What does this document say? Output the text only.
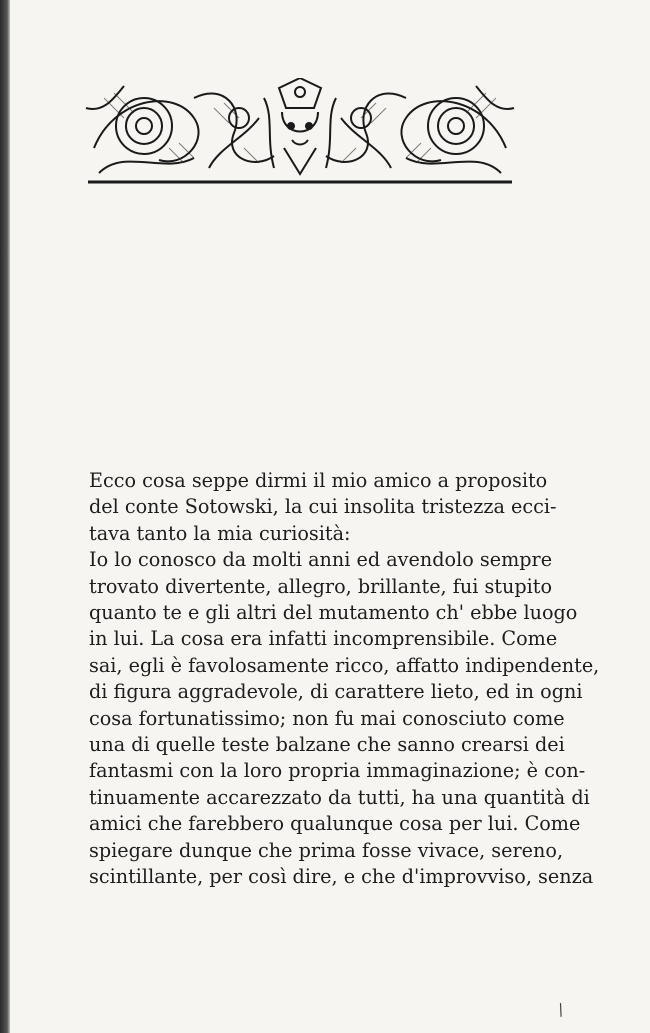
Ecco cosa seppe dirmi il mio amico a proposito
del conte Sotowski, la cui insolita tristezza ecci-
tava tanto la mia curiosità:
Io lo conosco da molti anni ed avendolo sempre
trovato divertente, allegro, brillante, fui stupito
quanto te e gli altri del mutamento ch' ebbe luogo
in lui. La cosa era infatti incomprensibile. Come
sai, egli è favolosamente ricco, affatto indipendente,
di figura aggradevole, di carattere lieto, ed in ogni
cosa fortunatissimo; non fu mai conosciuto come
una di quelle teste balzane che sanno crearsi dei
fantasmi con la loro propria immaginazione; è con-
tinuamente accarezzato da tutti, ha una quantità di
amici che farebbero qualunque cosa per lui. Come
spiegare dunque che prima fosse vivace, sereno,
scintillante, per così dire, e che d'improvviso, senza
/
